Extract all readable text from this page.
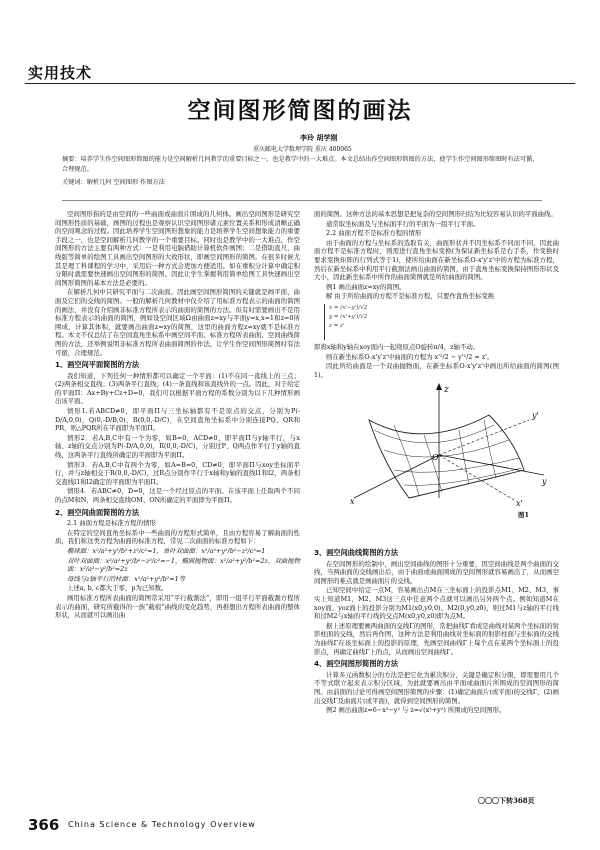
实用技术
空间图形简图的画法
李玲 胡学刚
重庆邮电大学数理学院 重庆 400065
摘要：培养学生作空间图形简图的能力是空间解析几何教学的重要目标之一，也是教学中的一大难点。本文总结出作空间图形简图的方法，使学生作空间图形简图时有法可循，合理规范。
关键词：解析几何 空间图形 作图方法

空间图形指的是由空间的一些曲面或曲面片围成的几何体。画出空间图形是研究空间图形性质的基础，画图的过程也是观察认识空间图形诸元素位置关系和形成清晰正确的空间观念的过程。因此培养学生空间图形想象的能力是培养学生空间想象能力的重要手段之一，也是空间解析几何教学的一个重要目标。同时也是教学中的一大难点，作空间图形的方法主要有两种方式：一是利用电脑借助计算机软件画图；二是借助直尺、曲线版等简单的绘图工具画出空间图形的大致形状，即画空间图形的简图。在很多时候尤其是理工科课程的学习中，采用后一种方式会更加方便适用。如在重积分计算中确定积分限时就需要快速画出空间图形的简图。因此让学生掌握利用简单绘图工具快速画出空间图形简图的基本方法是必要的。

在解析几何中只研究平面与二次曲面。因此画空间图形简图的关键就是画平面、曲面及它们的交线的简图。一般的解析几何教材中仅介绍了用标准方程表示的曲面的简图的画法，并没有介绍画非标准方程所表示的曲面的简图的方法。但有时需要画出不是用标准方程表示的曲面的简图，例如设空间区域Ω由曲面z=xy与平面y=x,x=1和z=0所围成，计算其体积，就要画出曲面z=xy的简图，这里的曲面方程z=xy就不是标准方程。本文不仅总结了在空间直角坐标系中画空间平面、标准方程所表曲面、空间曲线简图的方法，还举例说明非标准方程所表曲面简图的作法，让学生作空间图形简图时有法可循，合理规范。

1、画空间平面简图的方法

我们知道，下列任何一种情形都可以确定一个平面：(1)不在同一直线上的三点；(2)两条相交直线；(3)两条平行直线；(4)一条直线和该直线外的一点。因此，对于给定的平面Π：Ax+By+Cz+D=0，我们可以根据平面方程的系数分别为以下几种情形画出该平面。

情形1.若ABCD≠0，即平面Π与三坐标轴都有不是原点的交点，分别为P(-D/A,0,0)，Q(0,-D/B,0)，R(0,0,-D/C)，在空间直角坐标系中分别连接PQ、QR和PR，则△PQR所在平面即为平面Π。

情形2．若A,B,C中有一个为零，如B=0，ACD≠0，即平面Π与y轴平行，与x轴、z轴的交点分别为P(-D/A,0,0)，R(0,0,-D/C)，分别过P、Q两点作平行于y轴的直线，这两条平行直线所确定的平面即为平面Π。

情形3．若A,B,C中有两个为零，如A=B=0，CD≠0，即平面Π与xoy坐标面平行，并与z轴相交于R(0,0,-D/C)，过R点分别作平行于x轴和y轴的直线l1和l2，两条相交直线l1和l2确定的平面即为平面Π。

情形4．若ABC≠0，D=0，这是一个经过原点的平面。在该平面上任取两个不同的点M和N，两条相交直线OM、ON所确定的平面即为平面Π。

2、画空间曲面简图的方法

2.1 曲面方程是标准方程的情形

在特定的空间直角坐标系中一些曲面的方程形式简单，且由方程容易了解曲面的性质，我们称这类方程为曲面的标准方程，常见二次曲面的标准方程如下：

椭球面：x²/a²+y²/b²+z²/c²=1，单叶双曲面：x²/a²+y²/b²−z²/c²=1
双叶双曲面：x²/a²+y²/b²−z²/c²=−1，椭圆抛物面：x²/a²+y²/b²=2z，双曲抛物面：x²/a²−y²/b²=2z
母线与z轴平行的柱面：x²/a²+y²/b²=1等

上述a, b, c都大于零，p为已知数。

画用标准方程所表曲面的简图常采用“平行截割法”，即用一组平行平面截割方程所表示的曲面，研究所截得的一族“截痕”曲线的变化趋势，再推想出方程所表曲面的整体形状，从而就可以画出曲

面的简图。这种方法的基本思想是把复杂的空间图形归结为比较容易认识的平面曲线。

通常取坐标面及与坐标面平行的平面为一组平行平面。

2.2 曲面方程不是标准方程的情形

由于曲面的方程与坐标系的选取有关，曲面形状并不因坐标系不同而不同，因此曲面方程不是标准方程时，则需进行直角坐标变换(为保证新坐标系是右手系，作变换时要求变换矩阵的行列式等于1)，使所给曲面在新坐标系O-x'y'z'中的方程为标准方程，然后在新坐标系中利用平行截割法画出曲面的简图，由于直角坐标变换保持图形形状及大小，因此新坐标系中所作的曲面简图就是所给曲面的简图。

例1 画出曲面z=xy的简图。

解 由于所给曲面的方程不是标准方程，只要作直角坐标变换

x = (x'−y')/√2
y = (x'+y')/√2
z = z'

即将x轴和y轴在xoy面内一起绕原点O旋转π/4，z轴不动。

则在新坐标系O-x'y'z'中曲面的方程为 x'²/2 − y'²/2 = z'。

因此所给曲面是一个双曲抛物面，在新坐标系O-x'y'z'中画出所给曲面的简图(图1)。

z
O
y'
y
x	x'
图1
3、画空间曲线简图的方法

在空间图形的绘制中，画出空间曲线的图形十分重要，因空间曲线是两个曲面的交线，当两曲面的交线画出后，由于曲面或曲面围成的空间图形就容易画出了，从而画空间图形的难点就是画曲面片的交线。

已知空间中给定一点M，容易画出点M在三坐标面上的投影点M1、M2、M3，事实上知道M1、M2、M3这三点中任意两个点就可以画出另外两个点。例如知道M在xoy面、yoz面上的投影分别为M1(x0,y0,0)、M2(0,y0,z0)，则过M1与z轴的平行线和过M2与x轴的平行线的交点M(x0,y0,z0)即为点M。

据上述原理要画两曲面的交线Γ的图形，常把曲线Γ看成是曲线对某两个坐标面的射影柱面的交线，然后再作图，这种方法是利用曲线对坐标面的射影柱面与坐标面的交线为曲线Γ在该坐标面上的投影的原理，先画空间曲线Γ上每个点在某两个坐标面上的投影点，再确定曲线Γ上的点，从而画出空间曲线Γ。

4、画空间图形简图的方法

计算多元函数积分的方法是把它化为累次积分，关键是确定积分限，即需要用几个不等式联立起来表示积分区域，为此就要画出由平面或曲面片所围成的空间图形的简图。由前面的讨论可得画空间图形简图的步骤：(1)确定曲面片(或平面)的交线Γ，(2)画出交线Γ及曲面片(或平面)，就得到空间图形的简图。

例2 画出曲面z=6−x²−y² 与 z=√(x²+y²) 所围成的空间图形。

〇〇〇下转368页
366 China Science & Technology Overview
